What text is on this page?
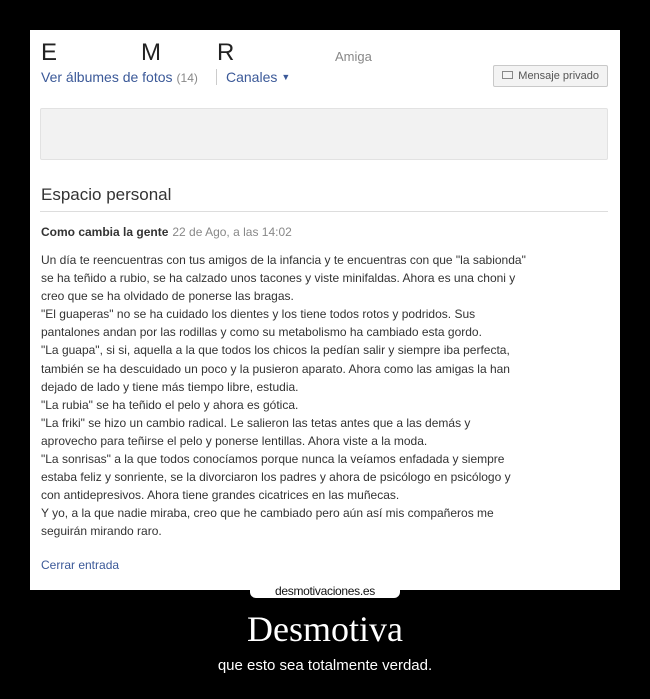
E	M R	Amiga
Ver álbumes de fotos (14) Canales ▼	Mensaje privado
Espacio personal
Como cambia la gente 22 de Ago, a las 14:02

Un día te reencuentras con tus amigos de la infancia y te encuentras con que "la sabionda"

se ha teñido a rubio, se ha calzado unos tacones y viste minifaldas. Ahora es una choni y

creo que se ha olvidado de ponerse las bragas.

"El guaperas" no se ha cuidado los dientes y los tiene todos rotos y podridos. Sus

pantalones andan por las rodillas y como su metabolismo ha cambiado esta gordo.

"La guapa", si si, aquella a la que todos los chicos la pedían salir y siempre iba perfecta,

también se ha descuidado un poco y la pusieron aparato. Ahora como las amigas la han

dejado de lado y tiene más tiempo libre, estudia.

"La rubia" se ha teñido el pelo y ahora es gótica.

"La friki" se hizo un cambio radical. Le salieron las tetas antes que a las demás y

aprovecho para teñirse el pelo y ponerse lentillas. Ahora viste a la moda.

"La sonrisas" a la que todos conocíamos porque nunca la veíamos enfadada y siempre

estaba feliz y sonriente, se la divorciaron los padres y ahora de psicólogo en psicólogo y

con antidepresivos. Ahora tiene grandes cicatrices en las muñecas.

Y yo, a la que nadie miraba, creo que he cambiado pero aún así mis compañeros me

seguirán mirando raro.

Cerrar entrada
desmotivaciones.es
Desmotiva
que esto sea totalmente verdad.
